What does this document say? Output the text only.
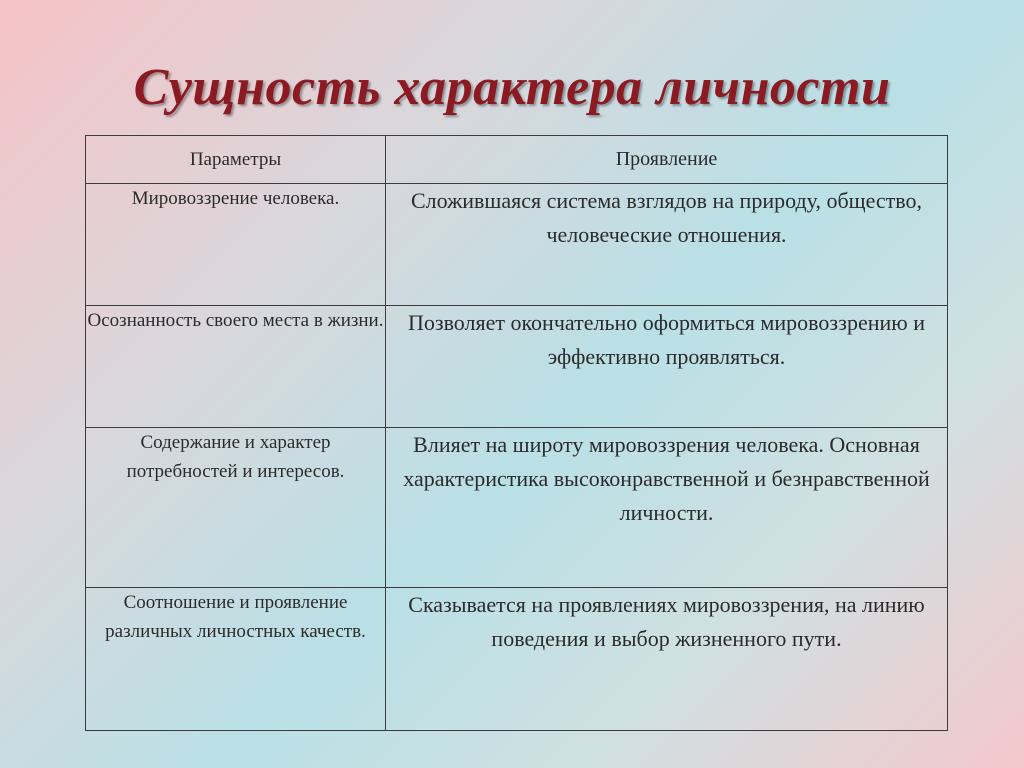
Сущность характера личности
Параметры	Проявление
Мировоззрение человека.	Сложившаяся система взглядов на природу, общество, человеческие отношения.
Осознанность своего места в жизни.	Позволяет окончательно оформиться мировоззрению и эффективно проявляться.
Содержание и характер потребностей и интересов.	Влияет на широту мировоззрения человека. Основная характеристика высоконравственной и безнравственной личности.
Соотношение и проявление различных личностных качеств.	Сказывается на проявлениях мировоззрения, на линию поведения и выбор жизненного пути.
